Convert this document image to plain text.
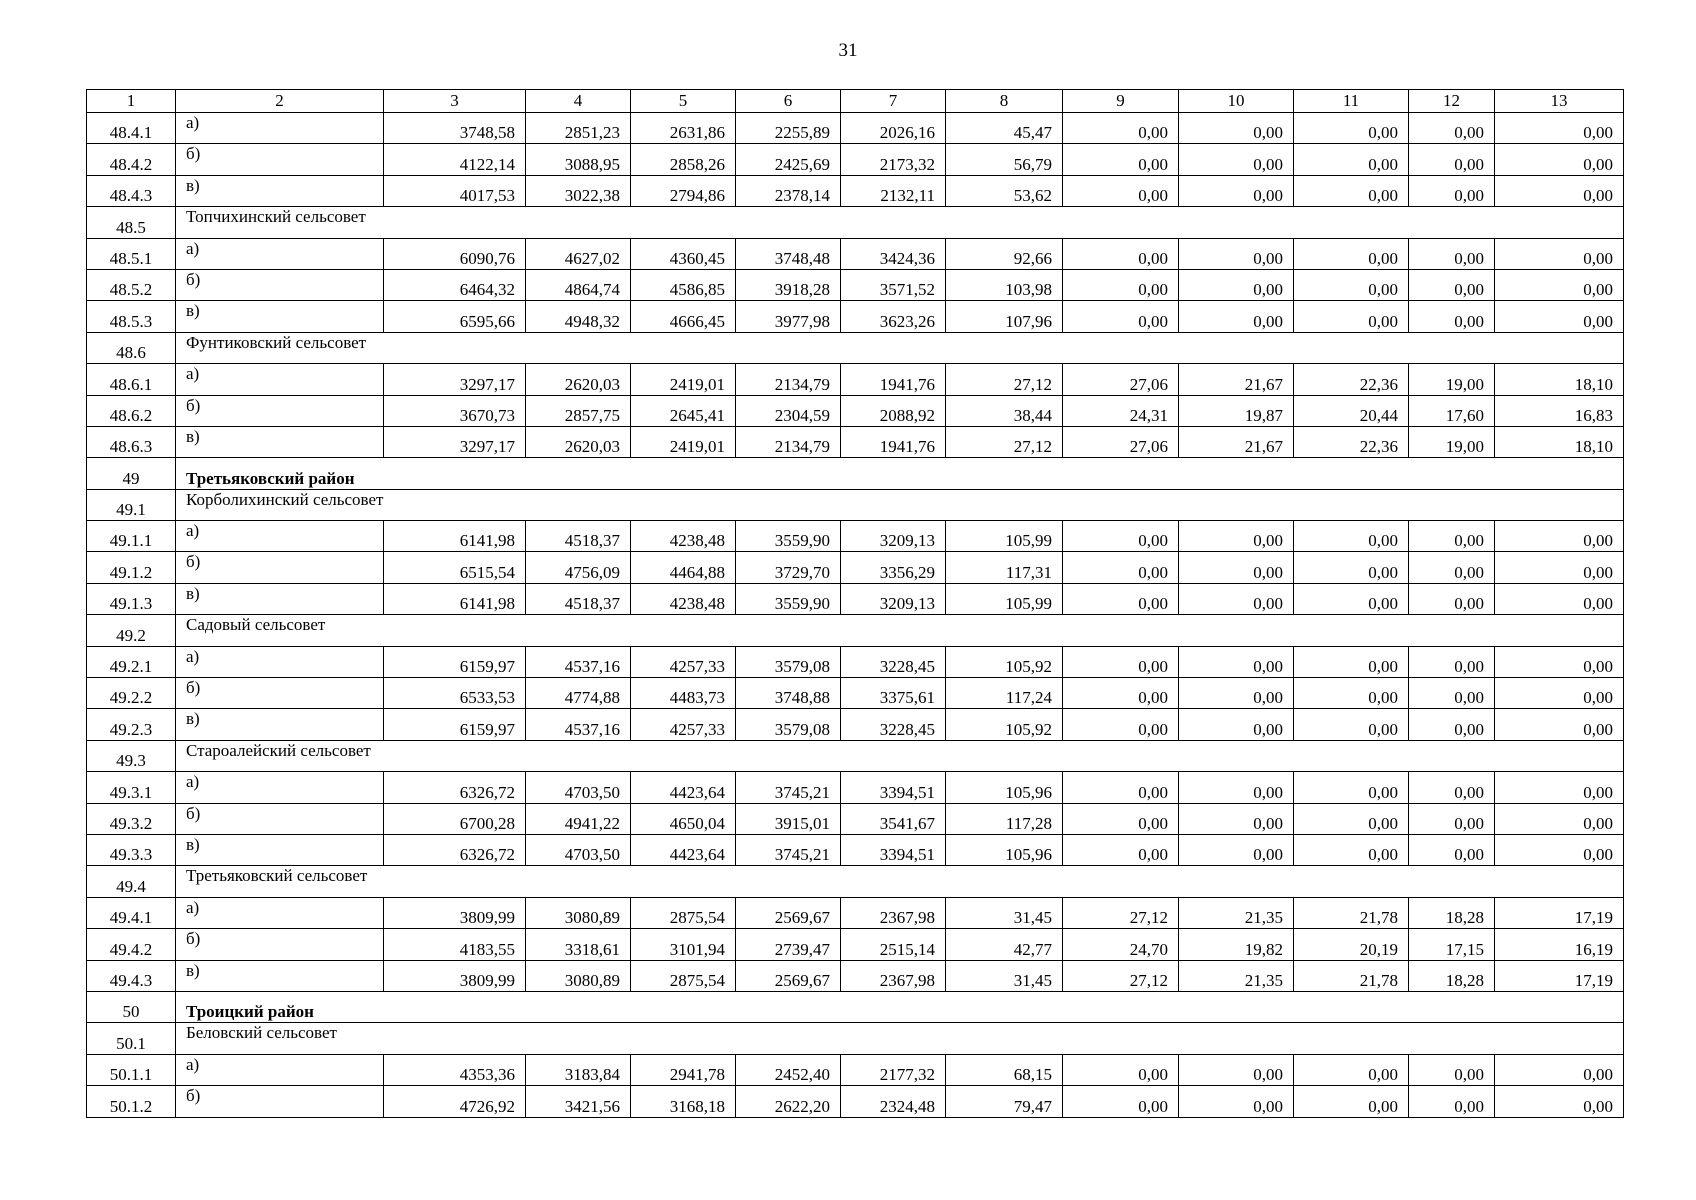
31
1	2	3	4	5	6	7	8	9	10	11	12	13
48.4.1	а)	3748,58	2851,23	2631,86	2255,89	2026,16	45,47	0,00	0,00	0,00	0,00	0,00
48.4.2	б)	4122,14	3088,95	2858,26	2425,69	2173,32	56,79	0,00	0,00	0,00	0,00	0,00
48.4.3	в)	4017,53	3022,38	2794,86	2378,14	2132,11	53,62	0,00	0,00	0,00	0,00	0,00
48.5	Топчихинский сельсовет											
48.5.1	а)	6090,76	4627,02	4360,45	3748,48	3424,36	92,66	0,00	0,00	0,00	0,00	0,00
48.5.2	б)	6464,32	4864,74	4586,85	3918,28	3571,52	103,98	0,00	0,00	0,00	0,00	0,00
48.5.3	в)	6595,66	4948,32	4666,45	3977,98	3623,26	107,96	0,00	0,00	0,00	0,00	0,00
48.6	Фунтиковский сельсовет											
48.6.1	а)	3297,17	2620,03	2419,01	2134,79	1941,76	27,12	27,06	21,67	22,36	19,00	18,10
48.6.2	б)	3670,73	2857,75	2645,41	2304,59	2088,92	38,44	24,31	19,87	20,44	17,60	16,83
48.6.3	в)	3297,17	2620,03	2419,01	2134,79	1941,76	27,12	27,06	21,67	22,36	19,00	18,10
49	Третьяковский район											
49.1	Корболихинский сельсовет											
49.1.1	а)	6141,98	4518,37	4238,48	3559,90	3209,13	105,99	0,00	0,00	0,00	0,00	0,00
49.1.2	б)	6515,54	4756,09	4464,88	3729,70	3356,29	117,31	0,00	0,00	0,00	0,00	0,00
49.1.3	в)	6141,98	4518,37	4238,48	3559,90	3209,13	105,99	0,00	0,00	0,00	0,00	0,00
49.2	Садовый сельсовет											
49.2.1	а)	6159,97	4537,16	4257,33	3579,08	3228,45	105,92	0,00	0,00	0,00	0,00	0,00
49.2.2	б)	6533,53	4774,88	4483,73	3748,88	3375,61	117,24	0,00	0,00	0,00	0,00	0,00
49.2.3	в)	6159,97	4537,16	4257,33	3579,08	3228,45	105,92	0,00	0,00	0,00	0,00	0,00
49.3	Староалейский сельсовет											
49.3.1	а)	6326,72	4703,50	4423,64	3745,21	3394,51	105,96	0,00	0,00	0,00	0,00	0,00
49.3.2	б)	6700,28	4941,22	4650,04	3915,01	3541,67	117,28	0,00	0,00	0,00	0,00	0,00
49.3.3	в)	6326,72	4703,50	4423,64	3745,21	3394,51	105,96	0,00	0,00	0,00	0,00	0,00
49.4	Третьяковский сельсовет											
49.4.1	а)	3809,99	3080,89	2875,54	2569,67	2367,98	31,45	27,12	21,35	21,78	18,28	17,19
49.4.2	б)	4183,55	3318,61	3101,94	2739,47	2515,14	42,77	24,70	19,82	20,19	17,15	16,19
49.4.3	в)	3809,99	3080,89	2875,54	2569,67	2367,98	31,45	27,12	21,35	21,78	18,28	17,19
50	Троицкий район											
50.1	Беловский сельсовет											
50.1.1	а)	4353,36	3183,84	2941,78	2452,40	2177,32	68,15	0,00	0,00	0,00	0,00	0,00
50.1.2	б)	4726,92	3421,56	3168,18	2622,20	2324,48	79,47	0,00	0,00	0,00	0,00	0,00
